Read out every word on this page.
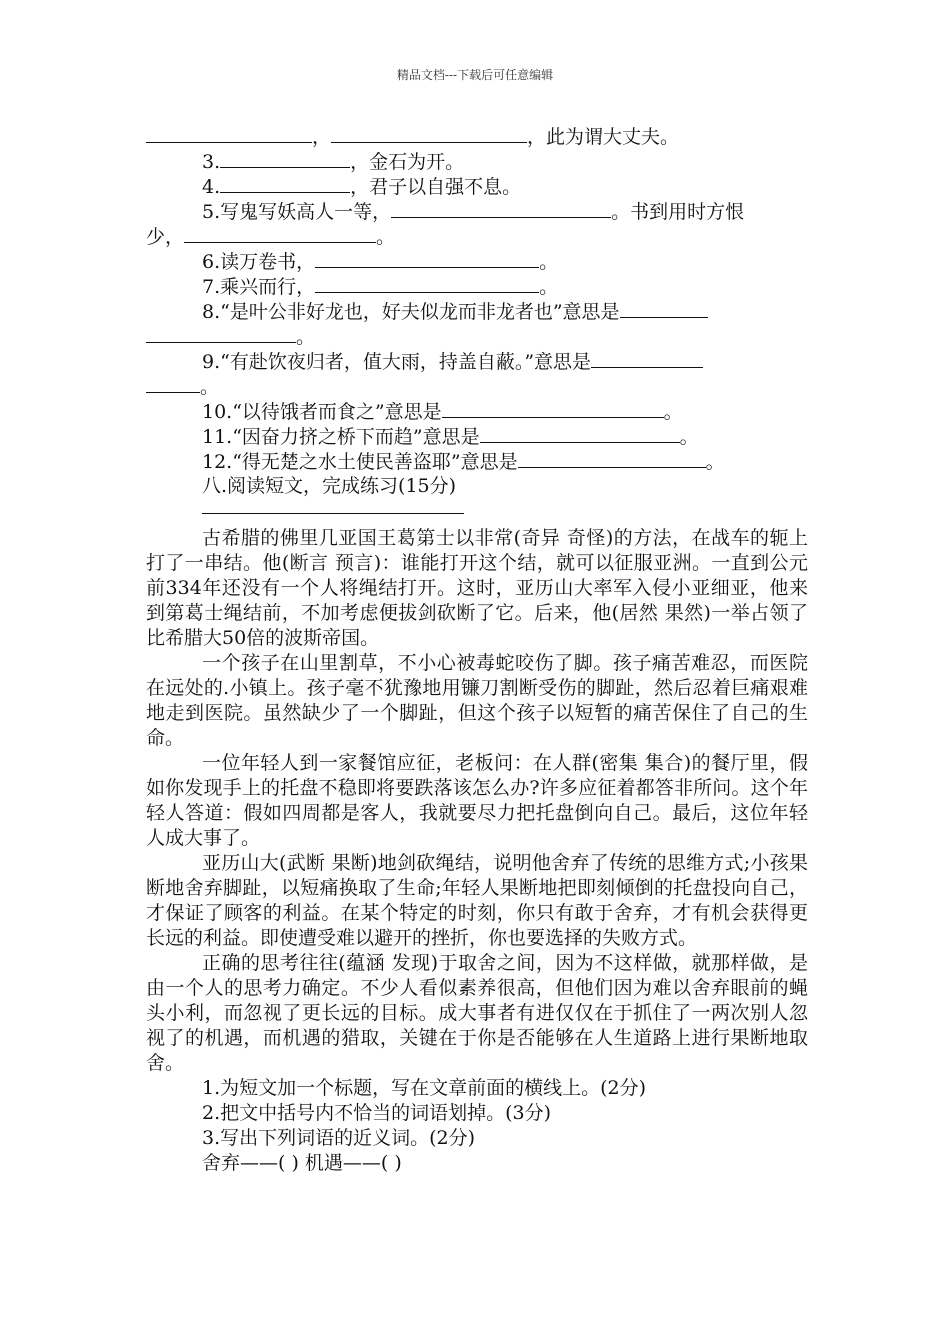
精品文档---下载后可任意编辑
，	，此为谓大丈夫。
3.	，金石为开。
4.	，君子以自强不息。
5.写鬼写妖高人一等，	。书到用时方恨
少，	。
6.读万卷书，	。
7.乘兴而行，	。
8.“是叶公非好龙也，好夫似龙而非龙者也”意思是
。
9.“有赴饮夜归者，值大雨，持盖自蔽。”意思是
。
10.“以待饿者而食之”意思是	。
11.“因奋力挤之桥下而趋”意思是	。
12.“得无楚之水土使民善盗耶”意思是	。
八.阅读短文，完成练习(15分)

古希腊的佛里几亚国王葛第士以非常(奇异 奇怪)的方法，在战车的轭上打了一串结。他(断言 预言)：谁能打开这个结，就可以征服亚洲。一直到公元前334年还没有一个人将绳结打开。这时，亚历山大率军入侵小亚细亚，他来到第葛士绳结前，不加考虑便拔剑砍断了它。后来，他(居然 果然)一举占领了比希腊大50倍的波斯帝国。

一个孩子在山里割草，不小心被毒蛇咬伤了脚。孩子痛苦难忍，而医院在远处的.小镇上。孩子毫不犹豫地用镰刀割断受伤的脚趾，然后忍着巨痛艰难地走到医院。虽然缺少了一个脚趾，但这个孩子以短暂的痛苦保住了自己的生命。

一位年轻人到一家餐馆应征，老板问：在人群(密集 集合)的餐厅里，假如你发现手上的托盘不稳即将要跌落该怎么办?许多应征着都答非所问。这个年轻人答道：假如四周都是客人，我就要尽力把托盘倒向自己。最后，这位年轻人成大事了。

亚历山大(武断 果断)地剑砍绳结，说明他舍弃了传统的思维方式;小孩果断地舍弃脚趾，以短痛换取了生命;年轻人果断地把即刻倾倒的托盘投向自己，才保证了顾客的利益。在某个特定的时刻，你只有敢于舍弃，才有机会获得更长远的利益。即使遭受难以避开的挫折，你也要选择的失败方式。

正确的思考往往(蕴涵 发现)于取舍之间，因为不这样做，就那样做，是由一个人的思考力确定。不少人看似素养很高，但他们因为难以舍弃眼前的蝇头小利，而忽视了更长远的目标。成大事者有进仅仅在于抓住了一两次别人忽视了的机遇，而机遇的猎取，关键在于你是否能够在人生道路上进行果断地取舍。

1.为短文加一个标题，写在文章前面的横线上。(2分)
2.把文中括号内不恰当的词语划掉。(3分)
3.写出下列词语的近义词。(2分)
舍弃——( ) 机遇——( )
